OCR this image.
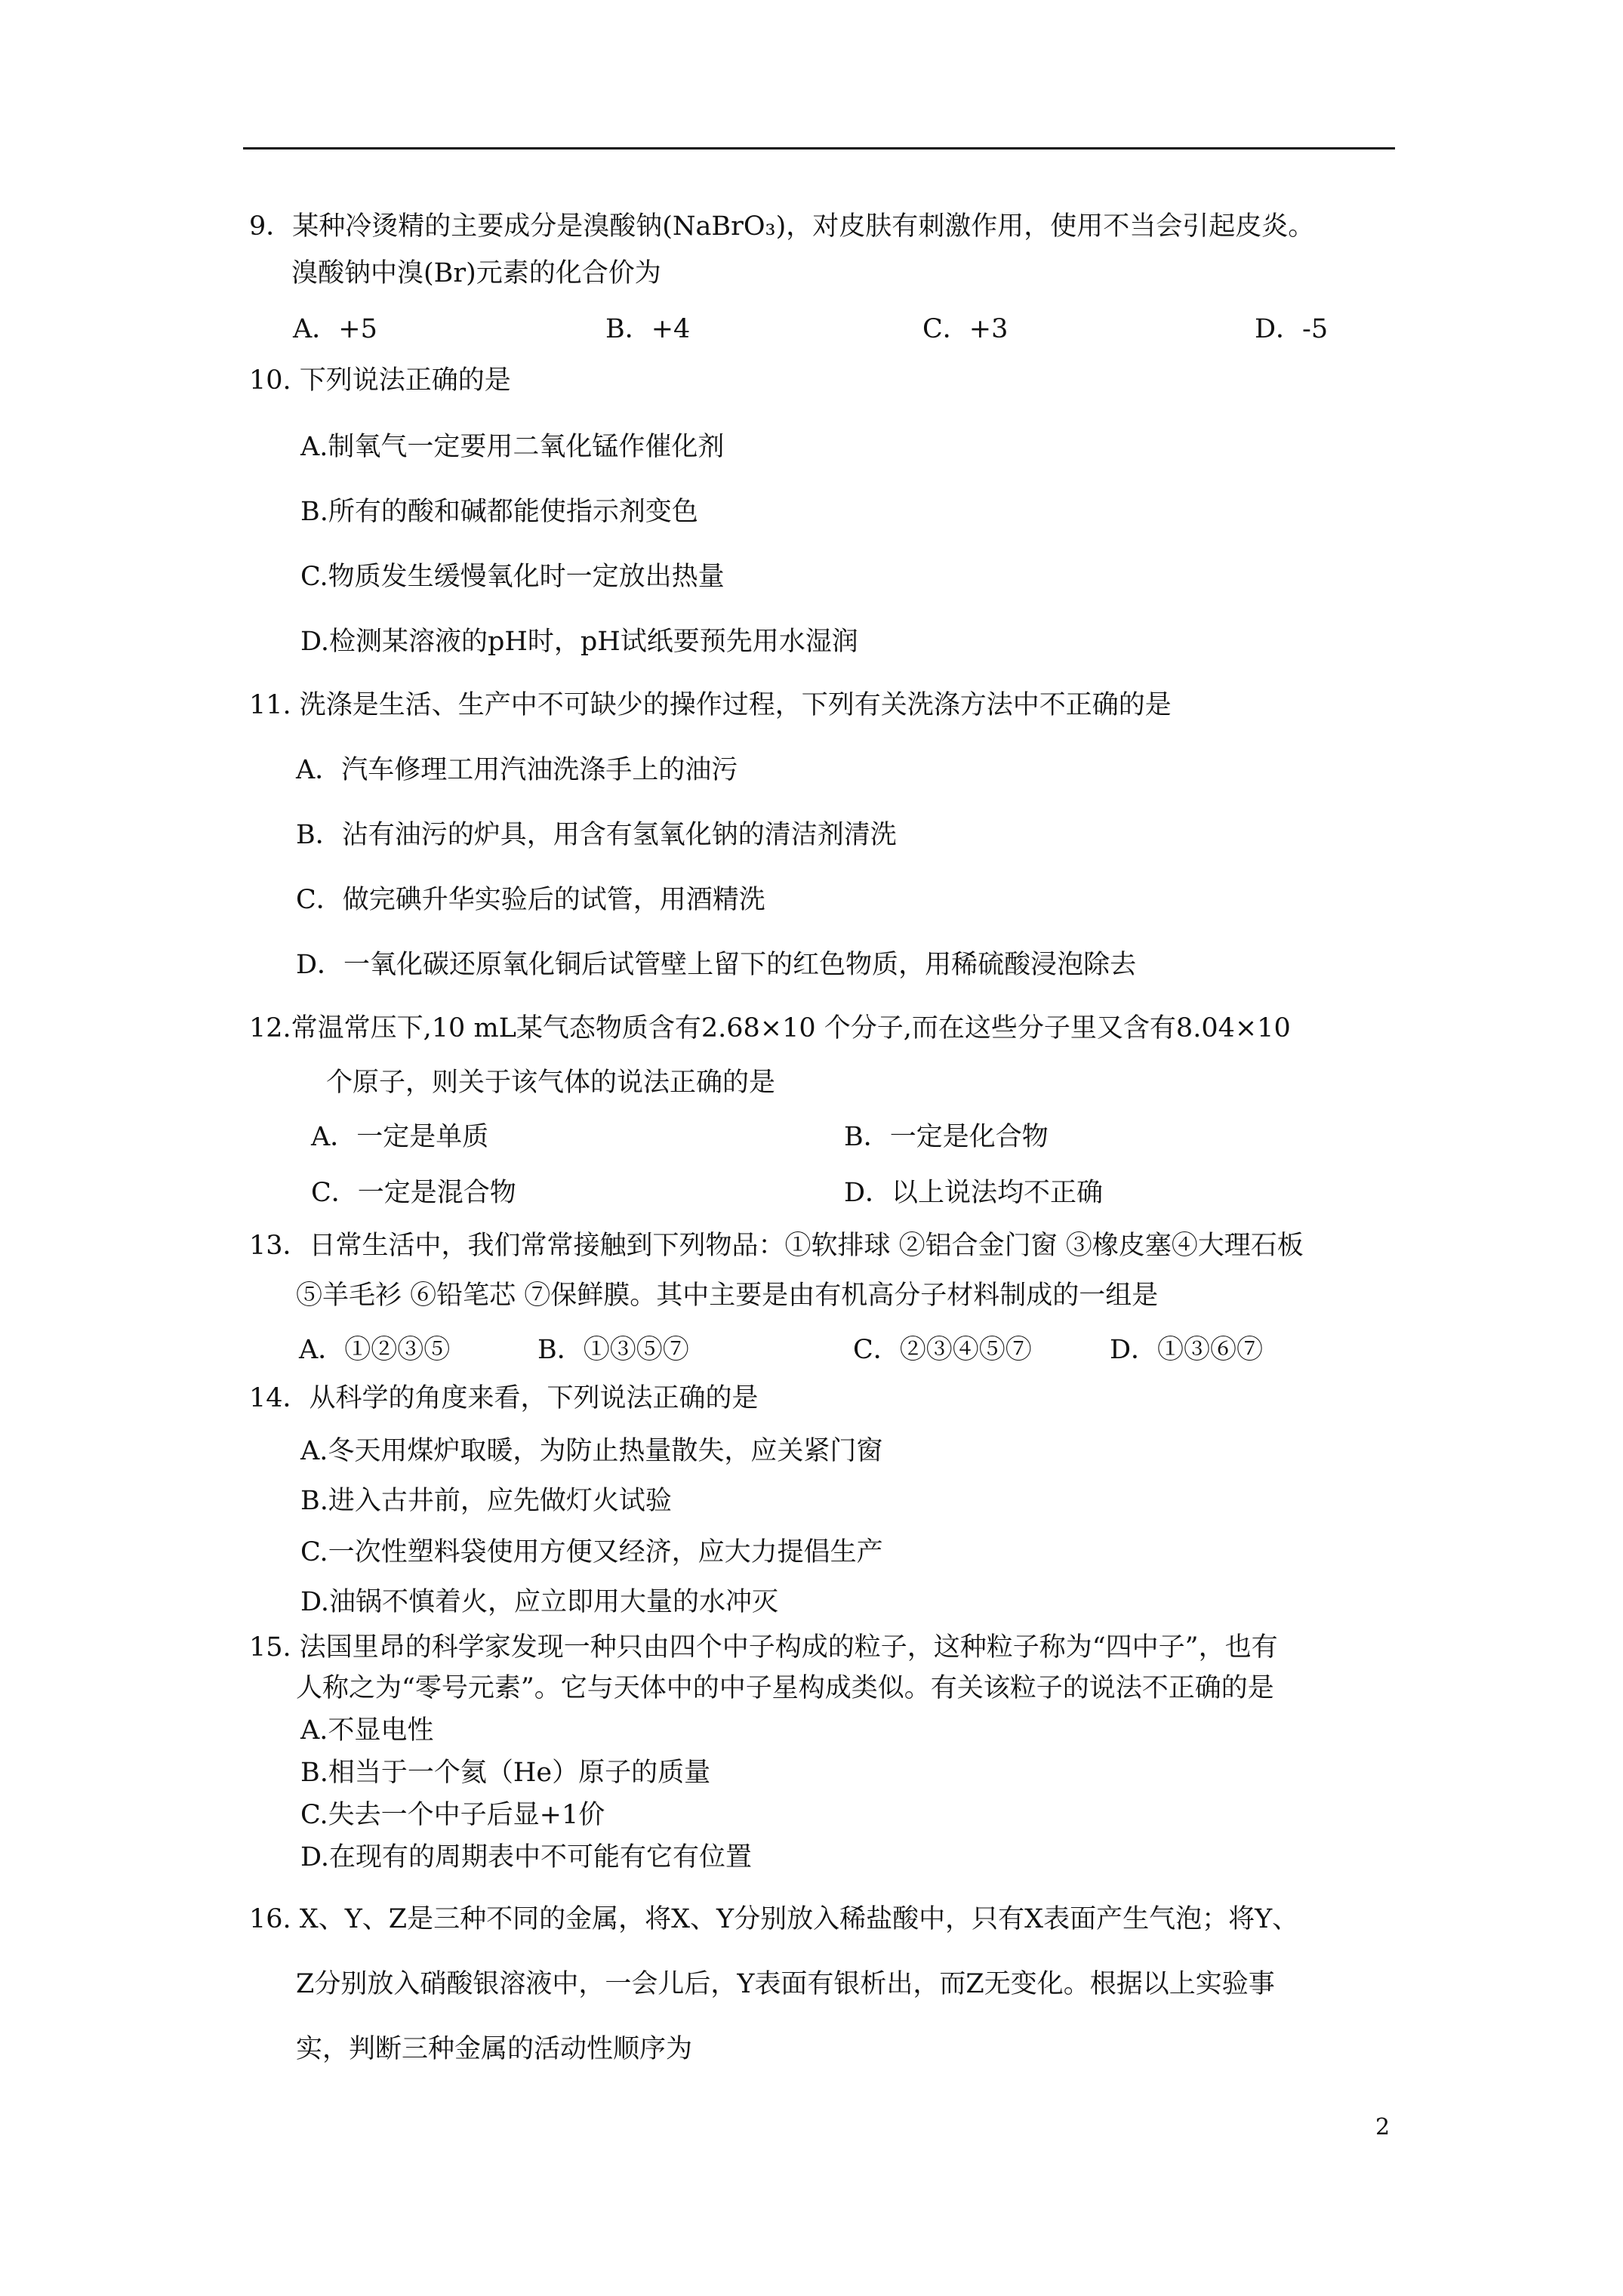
9．某种冷烫精的主要成分是溴酸钠(NaBrO₃)，对皮肤有刺激作用，使用不当会引起皮炎。
溴酸钠中溴(Br)元素的化合价为
A．+5	B．+4	C．+3	D．-5
10. 下列说法正确的是
A.制氧气一定要用二氧化锰作催化剂
B.所有的酸和碱都能使指示剂变色
C.物质发生缓慢氧化时一定放出热量
D.检测某溶液的pH时，pH试纸要预先用水湿润
11. 洗涤是生活、生产中不可缺少的操作过程，下列有关洗涤方法中不正确的是
A．汽车修理工用汽油洗涤手上的油污
B．沾有油污的炉具，用含有氢氧化钠的清洁剂清洗
C．做完碘升华实验后的试管，用酒精洗
D．一氧化碳还原氧化铜后试管壁上留下的红色物质，用稀硫酸浸泡除去
12.常温常压下,10 mL某气态物质含有2.68×10 个分子,而在这些分子里又含有8.04×10
个原子，则关于该气体的说法正确的是
A．一定是单质	B．一定是化合物
C．一定是混合物	D．以上说法均不正确
13．日常生活中，我们常常接触到下列物品：①软排球 ②铝合金门窗 ③橡皮塞④大理石板
⑤羊毛衫 ⑥铅笔芯 ⑦保鲜膜。其中主要是由有机高分子材料制成的一组是
A．①②③⑤	B．①③⑤⑦	C．②③④⑤⑦	D．①③⑥⑦
14．从科学的角度来看，下列说法正确的是
A.冬天用煤炉取暖，为防止热量散失，应关紧门窗
B.进入古井前，应先做灯火试验
C.一次性塑料袋使用方便又经济，应大力提倡生产
D.油锅不慎着火，应立即用大量的水冲灭
15. 法国里昂的科学家发现一种只由四个中子构成的粒子，这种粒子称为“四中子”，也有
人称之为“零号元素”。它与天体中的中子星构成类似。有关该粒子的说法不正确的是
A.不显电性
B.相当于一个氦（He）原子的质量
C.失去一个中子后显+1价
D.在现有的周期表中不可能有它有位置
16. X、Y、Z是三种不同的金属，将X、Y分别放入稀盐酸中，只有X表面产生气泡；将Y、
Z分别放入硝酸银溶液中，一会儿后，Y表面有银析出，而Z无变化。根据以上实验事
实，判断三种金属的活动性顺序为
2
